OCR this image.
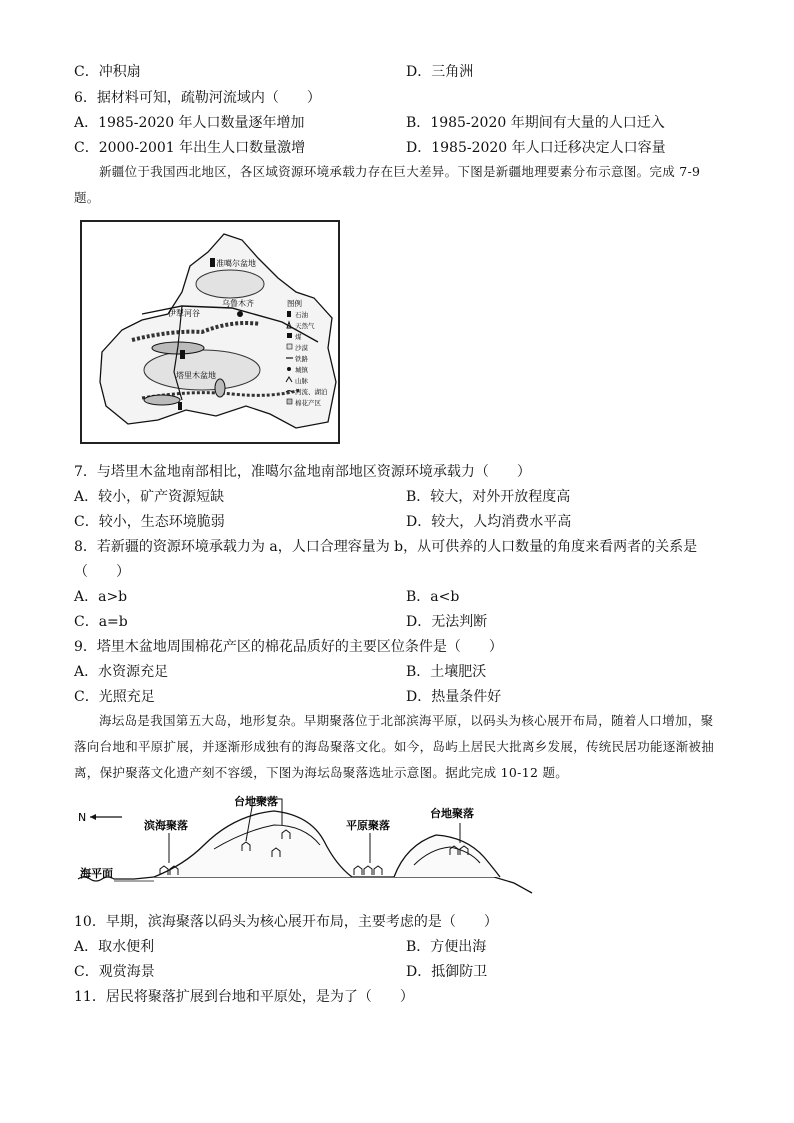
C．冲积扇	D．三角洲
6．据材料可知，疏勒河流域内（　　）
A．1985-2020 年人口数量逐年增加	B．1985-2020 年期间有大量的人口迁入
C．2000-2001 年出生人口数量激增	D．1985-2020 年人口迁移决定人口容量
新疆位于我国西北地区，各区域资源环境承载力存在巨大差异。下图是新疆地理要素分布示意图。完成 7-9 题。
准噶尔盆地
乌鲁木齐
伊犁河谷
塔里木盆地
图例
石油
天然气
煤
沙漠
铁路
城镇
山脉
河流、湖泊
棉花产区
7．与塔里木盆地南部相比，准噶尔盆地南部地区资源环境承载力（　　）
A．较小，矿产资源短缺	B．较大，对外开放程度高
C．较小，生态环境脆弱	D．较大，人均消费水平高
8．若新疆的资源环境承载力为 a，人口合理容量为 b，从可供养的人口数量的角度来看两者的关系是
（　　）
A．a>b	B．a<b
C．a=b	D．无法判断
9．塔里木盆地周围棉花产区的棉花品质好的主要区位条件是（　　）
A．水资源充足	B．土壤肥沃
C．光照充足	D．热量条件好
海坛岛是我国第五大岛，地形复杂。早期聚落位于北部滨海平原，以码头为核心展开布局，随着人口增加，聚落向台地和平原扩展，并逐渐形成独有的海岛聚落文化。如今，岛屿上居民大批离乡发展，传统民居功能逐渐被抽离，保护聚落文化遗产刻不容缓，下图为海坛岛聚落选址示意图。据此完成 10-12 题。
N
海平面
滨海聚落
台地聚落
平原聚落
台地聚落
10．早期，滨海聚落以码头为核心展开布局，主要考虑的是（　　）
A．取水便利	B．方便出海
C．观赏海景	D．抵御防卫
11．居民将聚落扩展到台地和平原处，是为了（　　）
